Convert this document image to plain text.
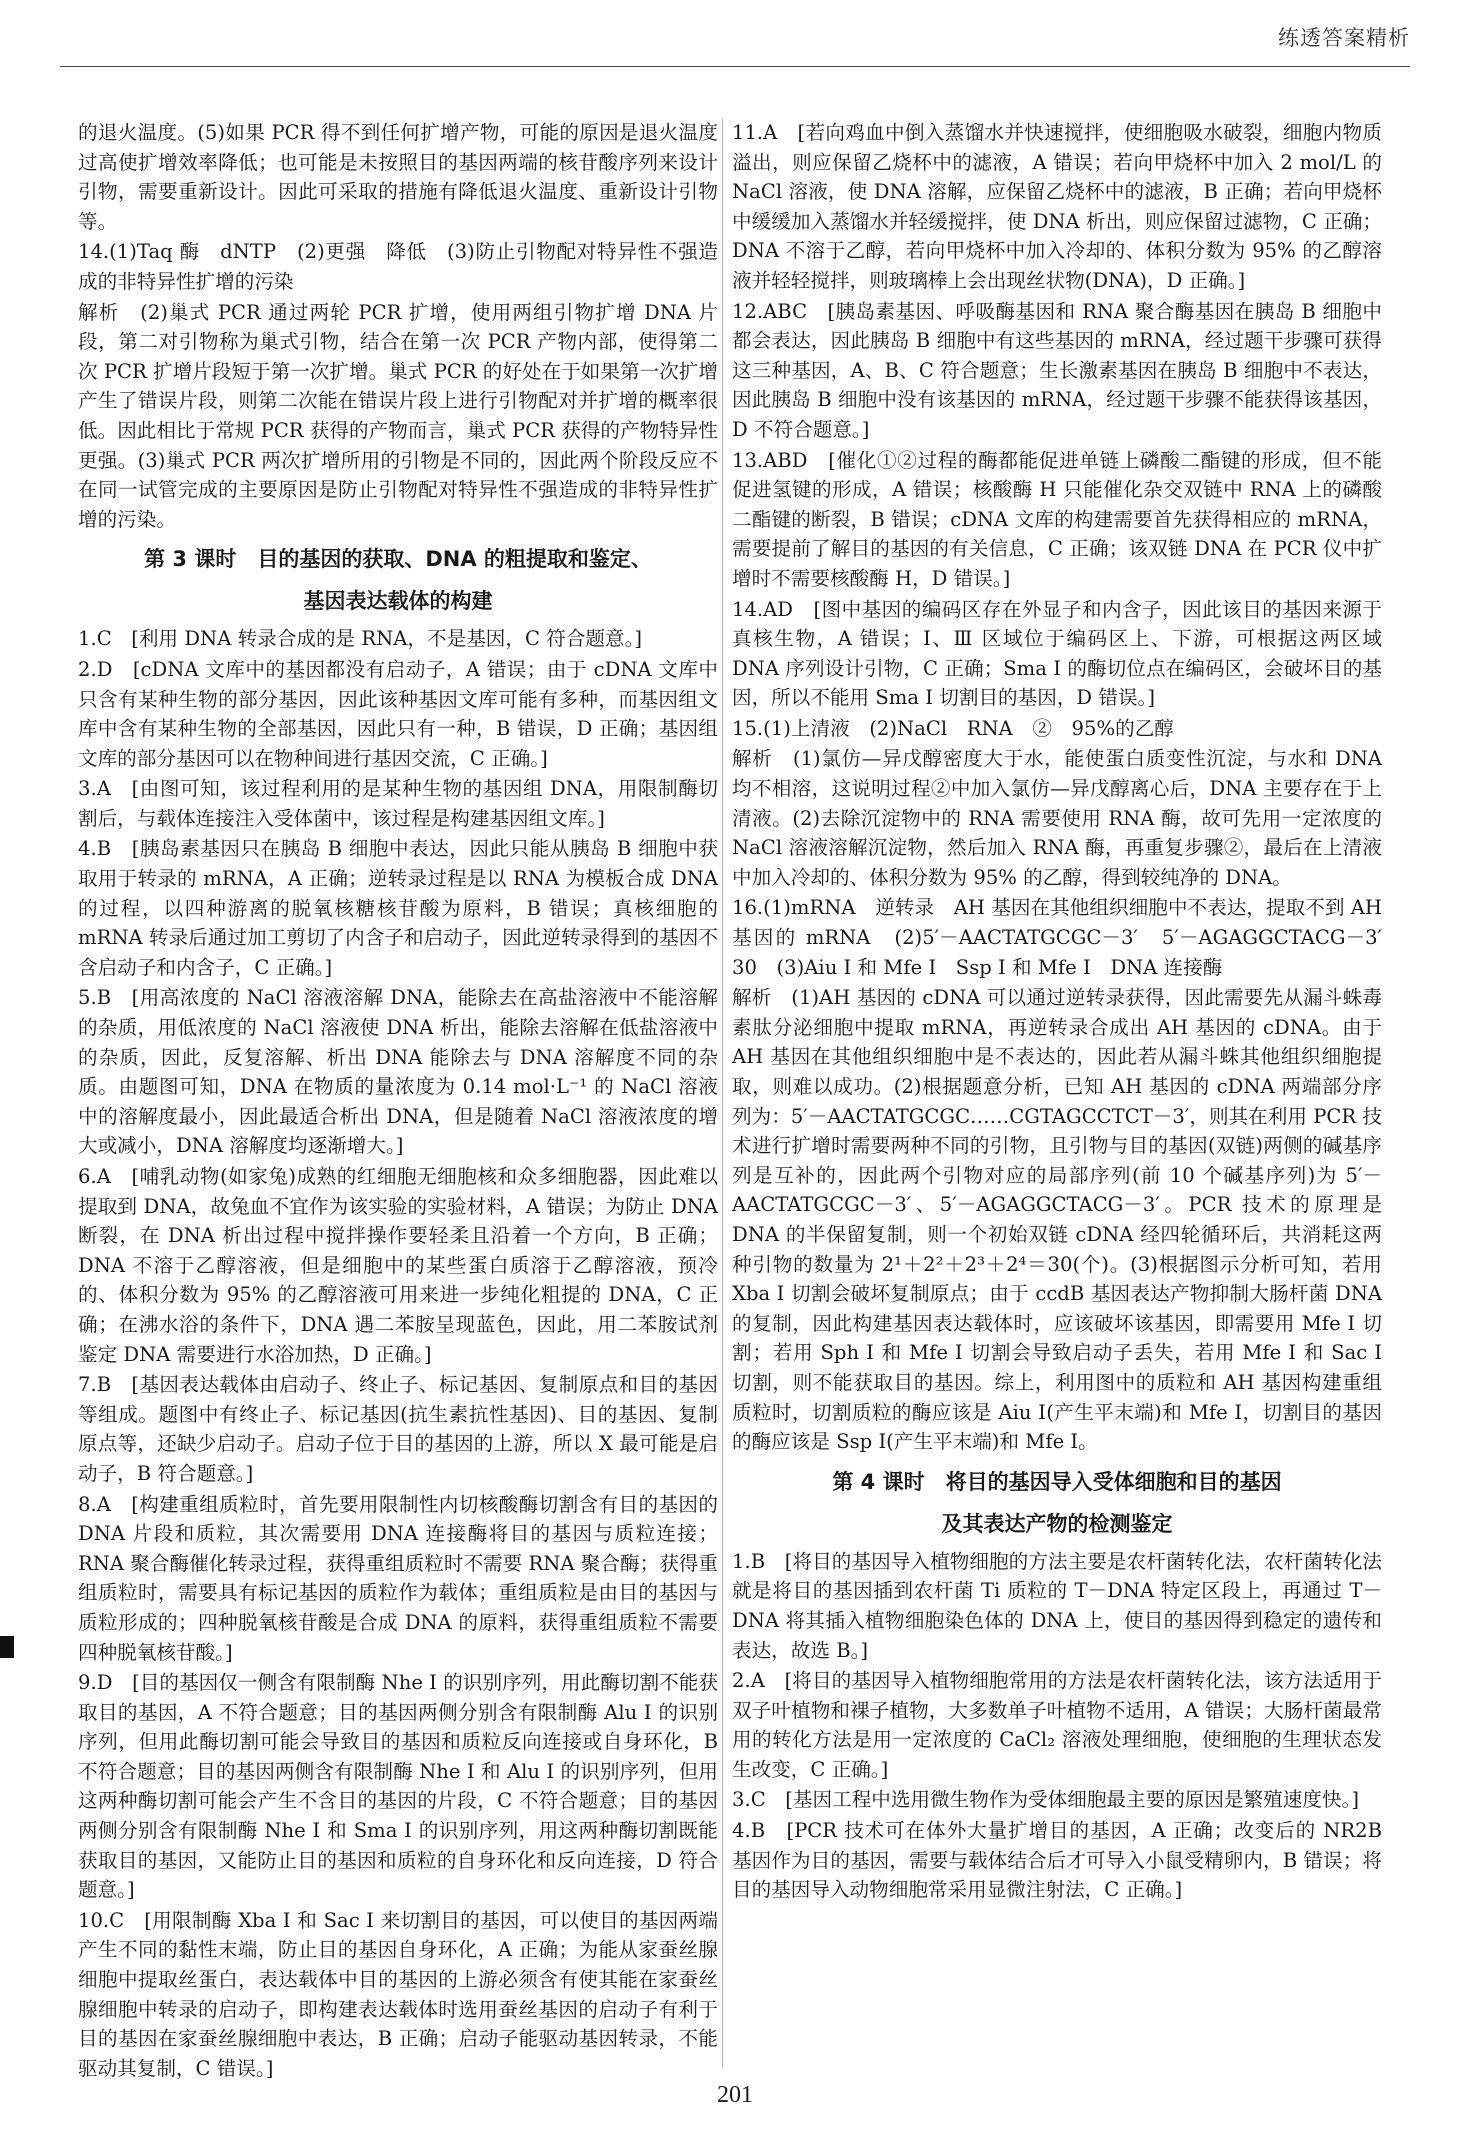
练透答案精析
的退火温度。(5)如果 PCR 得不到任何扩增产物，可能的原因是退火温度过高使扩增效率降低；也可能是未按照目的基因两端的核苷酸序列来设计引物，需要重新设计。因此可采取的措施有降低退火温度、重新设计引物等。
14.(1)Taq 酶　dNTP　(2)更强　降低　(3)防止引物配对特异性不强造成的非特异性扩增的污染
解析　(2)巢式 PCR 通过两轮 PCR 扩增，使用两组引物扩增 DNA 片段，第二对引物称为巢式引物，结合在第一次 PCR 产物内部，使得第二次 PCR 扩增片段短于第一次扩增。巢式 PCR 的好处在于如果第一次扩增产生了错误片段，则第二次能在错误片段上进行引物配对并扩增的概率很低。因此相比于常规 PCR 获得的产物而言，巢式 PCR 获得的产物特异性更强。(3)巢式 PCR 两次扩增所用的引物是不同的，因此两个阶段反应不在同一试管完成的主要原因是防止引物配对特异性不强造成的非特异性扩增的污染。
第 3 课时　目的基因的获取、DNA 的粗提取和鉴定、
基因表达载体的构建
1.C　[利用 DNA 转录合成的是 RNA，不是基因，C 符合题意。]
2.D　[cDNA 文库中的基因都没有启动子，A 错误；由于 cDNA 文库中只含有某种生物的部分基因，因此该种基因文库可能有多种，而基因组文库中含有某种生物的全部基因，因此只有一种，B 错误，D 正确；基因组文库的部分基因可以在物种间进行基因交流，C 正确。]
3.A　[由图可知，该过程利用的是某种生物的基因组 DNA，用限制酶切割后，与载体连接注入受体菌中，该过程是构建基因组文库。]
4.B　[胰岛素基因只在胰岛 B 细胞中表达，因此只能从胰岛 B 细胞中获取用于转录的 mRNA，A 正确；逆转录过程是以 RNA 为模板合成 DNA 的过程，以四种游离的脱氧核糖核苷酸为原料，B 错误；真核细胞的 mRNA 转录后通过加工剪切了内含子和启动子，因此逆转录得到的基因不含启动子和内含子，C 正确。]
5.B　[用高浓度的 NaCl 溶液溶解 DNA，能除去在高盐溶液中不能溶解的杂质，用低浓度的 NaCl 溶液使 DNA 析出，能除去溶解在低盐溶液中的杂质，因此，反复溶解、析出 DNA 能除去与 DNA 溶解度不同的杂质。由题图可知，DNA 在物质的量浓度为 0.14 mol·L⁻¹ 的 NaCl 溶液中的溶解度最小，因此最适合析出 DNA，但是随着 NaCl 溶液浓度的增大或减小，DNA 溶解度均逐渐增大。]
6.A　[哺乳动物(如家兔)成熟的红细胞无细胞核和众多细胞器，因此难以提取到 DNA，故兔血不宜作为该实验的实验材料，A 错误；为防止 DNA 断裂，在 DNA 析出过程中搅拌操作要轻柔且沿着一个方向，B 正确；DNA 不溶于乙醇溶液，但是细胞中的某些蛋白质溶于乙醇溶液，预冷的、体积分数为 95% 的乙醇溶液可用来进一步纯化粗提的 DNA，C 正确；在沸水浴的条件下，DNA 遇二苯胺呈现蓝色，因此，用二苯胺试剂鉴定 DNA 需要进行水浴加热，D 正确。]
7.B　[基因表达载体由启动子、终止子、标记基因、复制原点和目的基因等组成。题图中有终止子、标记基因(抗生素抗性基因)、目的基因、复制原点等，还缺少启动子。启动子位于目的基因的上游，所以 X 最可能是启动子，B 符合题意。]
8.A　[构建重组质粒时，首先要用限制性内切核酸酶切割含有目的基因的 DNA 片段和质粒，其次需要用 DNA 连接酶将目的基因与质粒连接；RNA 聚合酶催化转录过程，获得重组质粒时不需要 RNA 聚合酶；获得重组质粒时，需要具有标记基因的质粒作为载体；重组质粒是由目的基因与质粒形成的；四种脱氧核苷酸是合成 DNA 的原料，获得重组质粒不需要四种脱氧核苷酸。]
9.D　[目的基因仅一侧含有限制酶 Nhe Ⅰ 的识别序列，用此酶切割不能获取目的基因，A 不符合题意；目的基因两侧分别含有限制酶 Alu Ⅰ 的识别序列，但用此酶切割可能会导致目的基因和质粒反向连接或自身环化，B 不符合题意；目的基因两侧含有限制酶 Nhe Ⅰ 和 Alu Ⅰ 的识别序列，但用这两种酶切割可能会产生不含目的基因的片段，C 不符合题意；目的基因两侧分别含有限制酶 Nhe Ⅰ 和 Sma Ⅰ 的识别序列，用这两种酶切割既能获取目的基因，又能防止目的基因和质粒的自身环化和反向连接，D 符合题意。]
10.C　[用限制酶 Xba Ⅰ 和 Sac Ⅰ 来切割目的基因，可以使目的基因两端产生不同的黏性末端，防止目的基因自身环化，A 正确；为能从家蚕丝腺细胞中提取丝蛋白，表达载体中目的基因的上游必须含有使其能在家蚕丝腺细胞中转录的启动子，即构建表达载体时选用蚕丝基因的启动子有利于目的基因在家蚕丝腺细胞中表达，B 正确；启动子能驱动基因转录，不能驱动其复制，C 错误。]
11.A　[若向鸡血中倒入蒸馏水并快速搅拌，使细胞吸水破裂，细胞内物质溢出，则应保留乙烧杯中的滤液，A 错误；若向甲烧杯中加入 2 mol/L 的 NaCl 溶液，使 DNA 溶解，应保留乙烧杯中的滤液，B 正确；若向甲烧杯中缓缓加入蒸馏水并轻缓搅拌，使 DNA 析出，则应保留过滤物，C 正确；DNA 不溶于乙醇，若向甲烧杯中加入冷却的、体积分数为 95% 的乙醇溶液并轻轻搅拌，则玻璃棒上会出现丝状物(DNA)，D 正确。]
12.ABC　[胰岛素基因、呼吸酶基因和 RNA 聚合酶基因在胰岛 B 细胞中都会表达，因此胰岛 B 细胞中有这些基因的 mRNA，经过题干步骤可获得这三种基因，A、B、C 符合题意；生长激素基因在胰岛 B 细胞中不表达，因此胰岛 B 细胞中没有该基因的 mRNA，经过题干步骤不能获得该基因，D 不符合题意。]
13.ABD　[催化①②过程的酶都能促进单链上磷酸二酯键的形成，但不能促进氢键的形成，A 错误；核酸酶 H 只能催化杂交双链中 RNA 上的磷酸二酯键的断裂，B 错误；cDNA 文库的构建需要首先获得相应的 mRNA，需要提前了解目的基因的有关信息，C 正确；该双链 DNA 在 PCR 仪中扩增时不需要核酸酶 H，D 错误。]
14.AD　[图中基因的编码区存在外显子和内含子，因此该目的基因来源于真核生物，A 错误；Ⅰ、Ⅲ 区域位于编码区上、下游，可根据这两区域 DNA 序列设计引物，C 正确；Sma Ⅰ 的酶切位点在编码区，会破坏目的基因，所以不能用 Sma Ⅰ 切割目的基因，D 错误。]
15.(1)上清液　(2)NaCl　RNA　②　95%的乙醇
解析　(1)氯仿—异戊醇密度大于水，能使蛋白质变性沉淀，与水和 DNA 均不相溶，这说明过程②中加入氯仿—异戊醇离心后，DNA 主要存在于上清液。(2)去除沉淀物中的 RNA 需要使用 RNA 酶，故可先用一定浓度的 NaCl 溶液溶解沉淀物，然后加入 RNA 酶，再重复步骤②，最后在上清液中加入冷却的、体积分数为 95% 的乙醇，得到较纯净的 DNA。
16.(1)mRNA　逆转录　AH 基因在其他组织细胞中不表达，提取不到 AH 基因的 mRNA　(2)5′－AACTATGCGC－3′　5′－AGAGGCTACG－3′　30　(3)Aiu Ⅰ 和 Mfe Ⅰ　Ssp Ⅰ 和 Mfe Ⅰ　DNA 连接酶
解析　(1)AH 基因的 cDNA 可以通过逆转录获得，因此需要先从漏斗蛛毒素肽分泌细胞中提取 mRNA，再逆转录合成出 AH 基因的 cDNA。由于 AH 基因在其他组织细胞中是不表达的，因此若从漏斗蛛其他组织细胞提取，则难以成功。(2)根据题意分析，已知 AH 基因的 cDNA 两端部分序列为：5′－AACTATGCGC……CGTAGCCTCT－3′，则其在利用 PCR 技术进行扩增时需要两种不同的引物，且引物与目的基因(双链)两侧的碱基序列是互补的，因此两个引物对应的局部序列(前 10 个碱基序列)为 5′－AACTATGCGC－3′、5′－AGAGGCTACG－3′。PCR 技术的原理是 DNA 的半保留复制，则一个初始双链 cDNA 经四轮循环后，共消耗这两种引物的数量为 2¹＋2²＋2³＋2⁴＝30(个)。(3)根据图示分析可知，若用 Xba Ⅰ 切割会破坏复制原点；由于 ccdB 基因表达产物抑制大肠杆菌 DNA 的复制，因此构建基因表达载体时，应该破坏该基因，即需要用 Mfe Ⅰ 切割；若用 Sph Ⅰ 和 Mfe Ⅰ 切割会导致启动子丢失，若用 Mfe Ⅰ 和 Sac Ⅰ 切割，则不能获取目的基因。综上，利用图中的质粒和 AH 基因构建重组质粒时，切割质粒的酶应该是 Aiu Ⅰ(产生平末端)和 Mfe Ⅰ，切割目的基因的酶应该是 Ssp Ⅰ(产生平末端)和 Mfe Ⅰ。
第 4 课时　将目的基因导入受体细胞和目的基因
及其表达产物的检测鉴定
1.B　[将目的基因导入植物细胞的方法主要是农杆菌转化法，农杆菌转化法就是将目的基因插到农杆菌 Ti 质粒的 T－DNA 特定区段上，再通过 T－DNA 将其插入植物细胞染色体的 DNA 上，使目的基因得到稳定的遗传和表达，故选 B。]
2.A　[将目的基因导入植物细胞常用的方法是农杆菌转化法，该方法适用于双子叶植物和裸子植物，大多数单子叶植物不适用，A 错误；大肠杆菌最常用的转化方法是用一定浓度的 CaCl₂ 溶液处理细胞，使细胞的生理状态发生改变，C 正确。]
3.C　[基因工程中选用微生物作为受体细胞最主要的原因是繁殖速度快。]
4.B　[PCR 技术可在体外大量扩增目的基因，A 正确；改变后的 NR2B 基因作为目的基因，需要与载体结合后才可导入小鼠受精卵内，B 错误；将目的基因导入动物细胞常采用显微注射法，C 正确。]
201
